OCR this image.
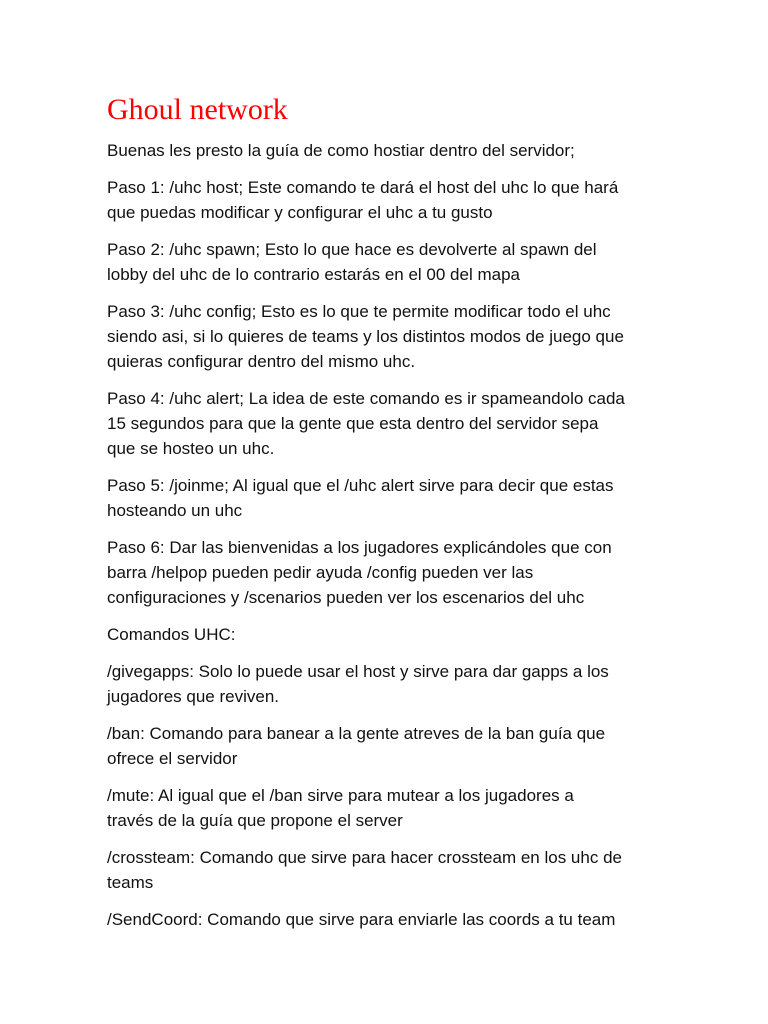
Ghoul network

Buenas les presto la guía de como hostiar dentro del servidor;

Paso 1: /uhc host; Este comando te dará el host del uhc lo que hará
que puedas modificar y configurar el uhc a tu gusto

Paso 2: /uhc spawn; Esto lo que hace es devolverte al spawn del
lobby del uhc de lo contrario estarás en el 00 del mapa

Paso 3: /uhc config; Esto es lo que te permite modificar todo el uhc
siendo asi, si lo quieres de teams y los distintos modos de juego que
quieras configurar dentro del mismo uhc.

Paso 4: /uhc alert; La idea de este comando es ir spameandolo cada
15 segundos para que la gente que esta dentro del servidor sepa
que se hosteo un uhc.

Paso 5: /joinme; Al igual que el /uhc alert sirve para decir que estas
hosteando un uhc

Paso 6: Dar las bienvenidas a los jugadores explicándoles que con
barra /helpop pueden pedir ayuda /config pueden ver las
configuraciones y /scenarios pueden ver los escenarios del uhc

Comandos UHC:

/givegapps: Solo lo puede usar el host y sirve para dar gapps a los
jugadores que reviven.

/ban: Comando para banear a la gente atreves de la ban guía que
ofrece el servidor

/mute: Al igual que el /ban sirve para mutear a los jugadores a
través de la guía que propone el server

/crossteam: Comando que sirve para hacer crossteam en los uhc de
teams

/SendCoord: Comando que sirve para enviarle las coords a tu team
